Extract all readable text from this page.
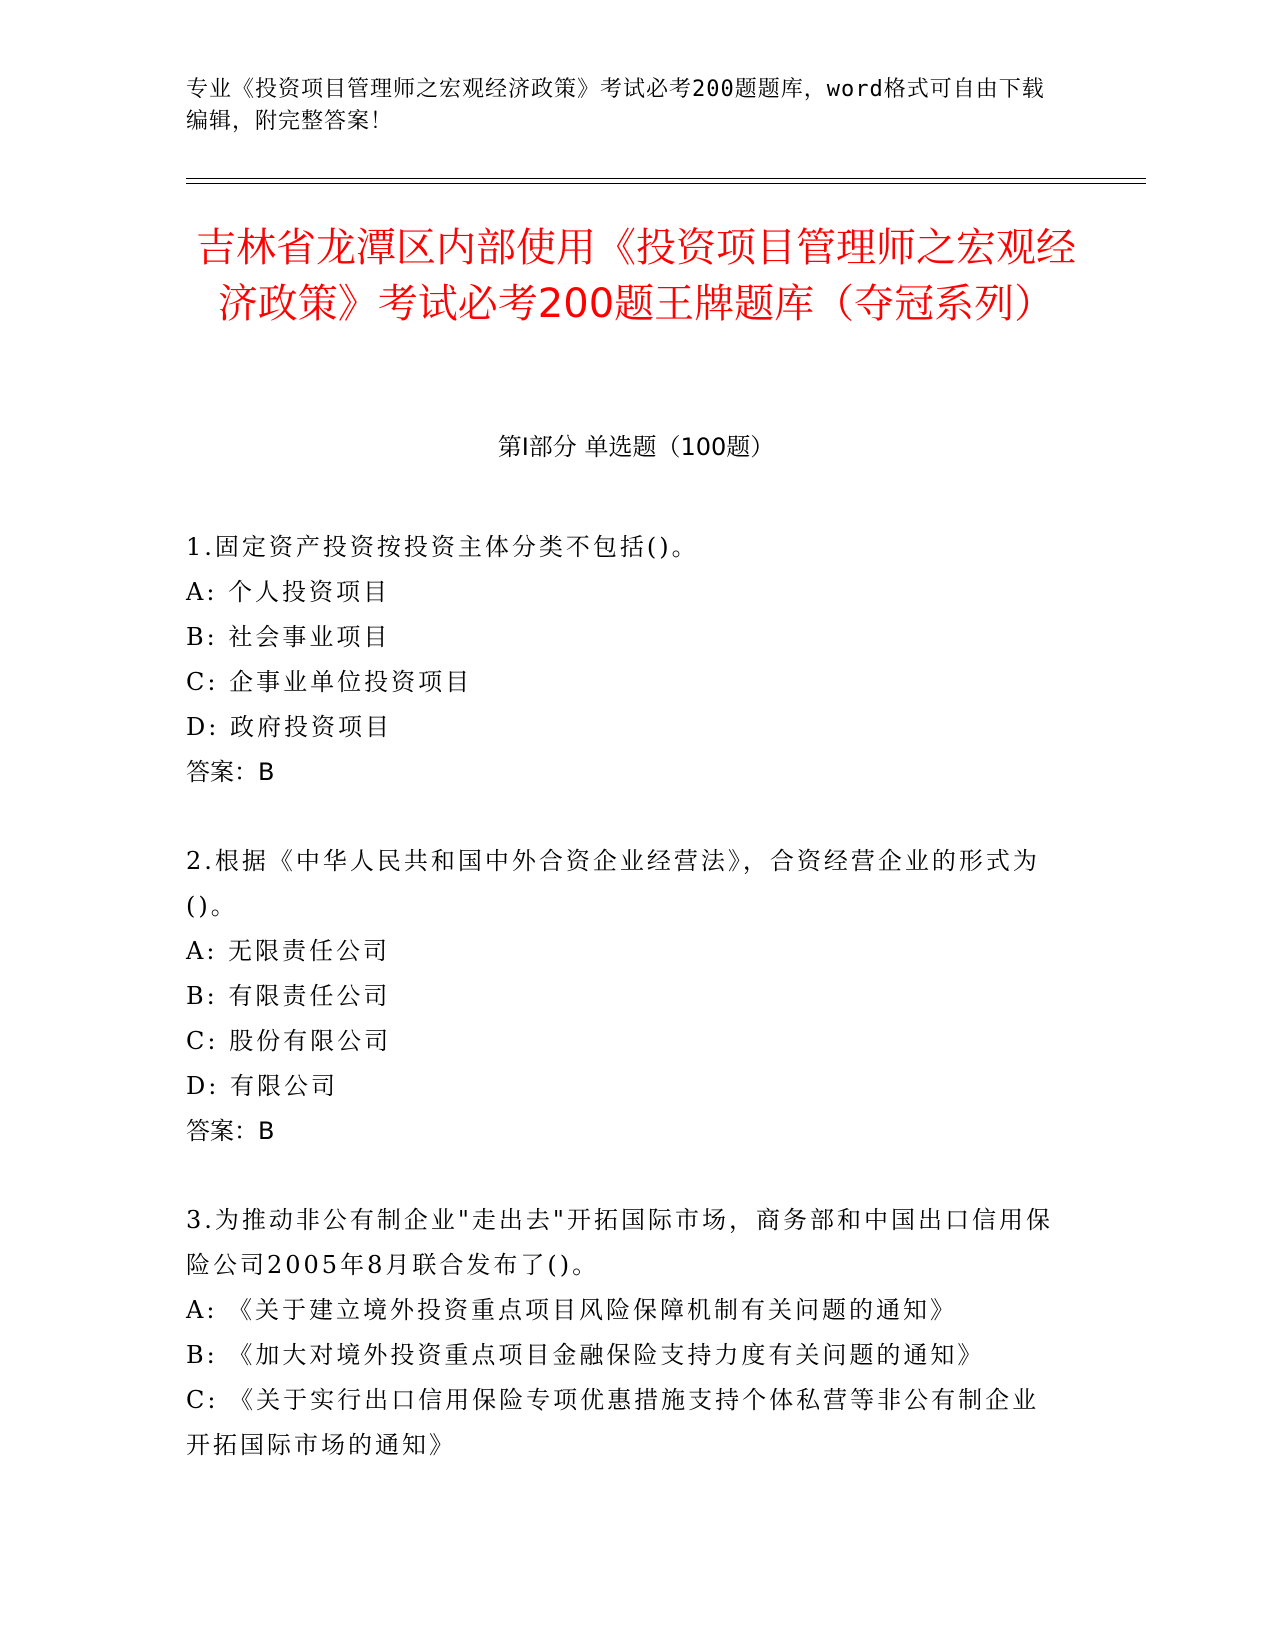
专业《投资项目管理师之宏观经济政策》考试必考200题题库，word格式可自由下载编辑，附完整答案！
吉林省龙潭区内部使用《投资项目管理师之宏观经济政策》考试必考200题王牌题库（夺冠系列）
第I部分 单选题（100题）
1.固定资产投资按投资主体分类不包括()。
A: 个人投资项目
B: 社会事业项目
C: 企事业单位投资项目
D: 政府投资项目
答案：B
2.根据《中华人民共和国中外合资企业经营法》，合资经营企业的形式为()。
A: 无限责任公司
B: 有限责任公司
C: 股份有限公司
D: 有限公司
答案：B
3.为推动非公有制企业"走出去"开拓国际市场，商务部和中国出口信用保险公司2005年8月联合发布了()。
A: 《关于建立境外投资重点项目风险保障机制有关问题的通知》
B: 《加大对境外投资重点项目金融保险支持力度有关问题的通知》
C: 《关于实行出口信用保险专项优惠措施支持个体私营等非公有制企业开拓国际市场的通知》
